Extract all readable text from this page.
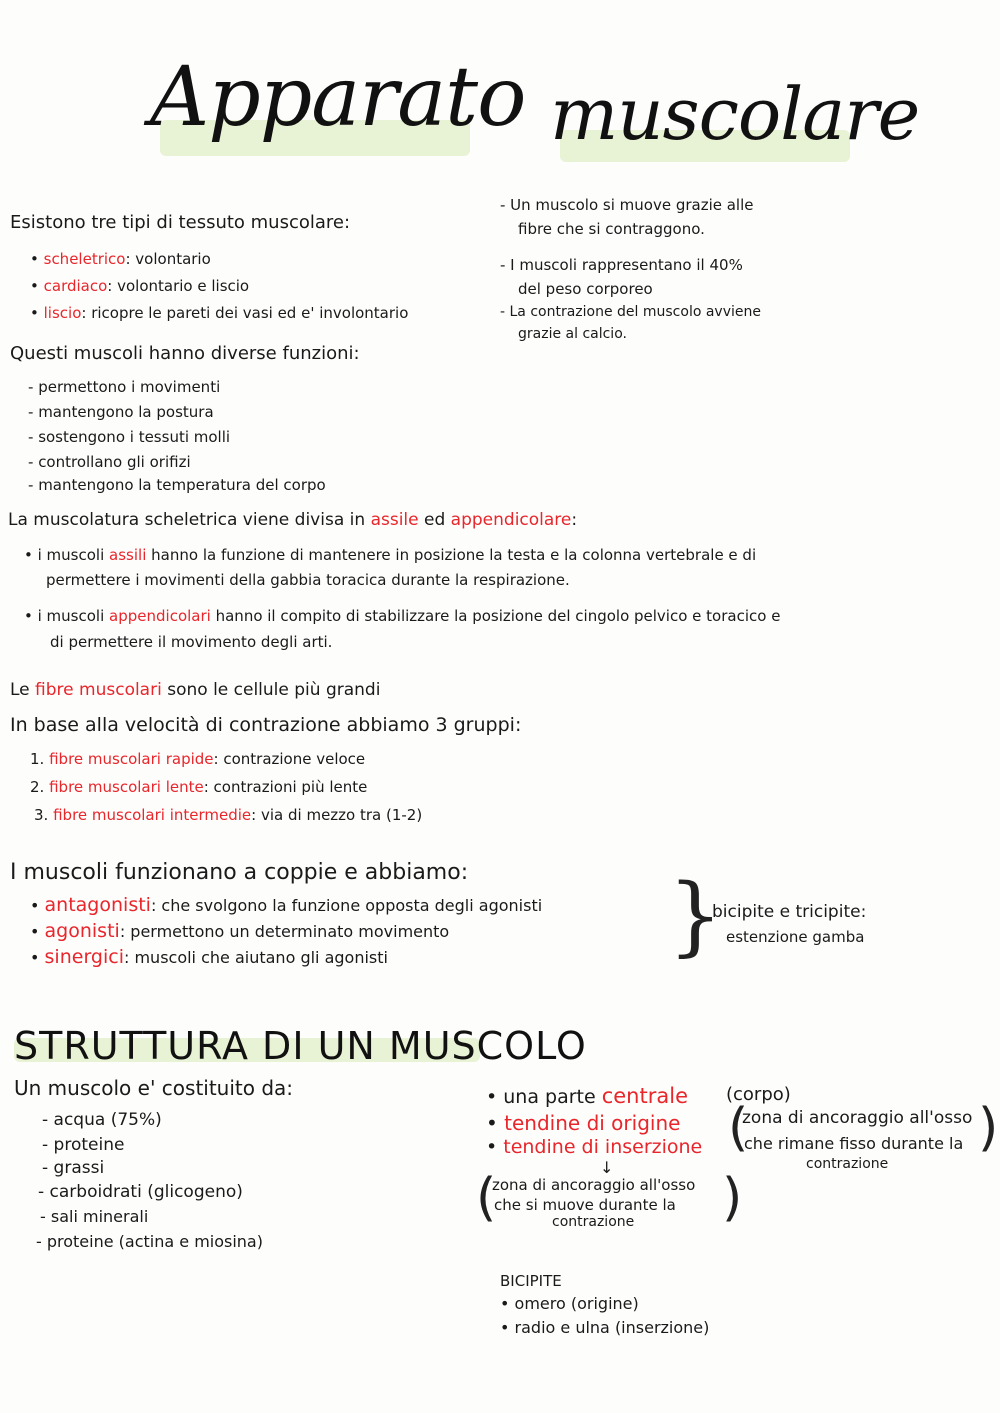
Apparato muscolare
Esistono tre tipi di tessuto muscolare:
• scheletrico: volontario
• cardiaco: volontario e liscio
• liscio: ricopre le pareti dei vasi ed e' involontario
- Un muscolo si muove grazie alle
fibre che si contraggono.
- I muscoli rappresentano il 40%
del peso corporeo
- La contrazione del muscolo avviene
grazie al calcio.
Questi muscoli hanno diverse funzioni:
- permettono i movimenti
- mantengono la postura
- sostengono i tessuti molli
- controllano gli orifizi
- mantengono la temperatura del corpo
La muscolatura scheletrica viene divisa in assile ed appendicolare:
• i muscoli assili hanno la funzione di mantenere in posizione la testa e la colonna vertebrale e di
permettere i movimenti della gabbia toracica durante la respirazione.
• i muscoli appendicolari hanno il compito di stabilizzare la posizione del cingolo pelvico e toracico e
di permettere il movimento degli arti.
Le fibre muscolari sono le cellule più grandi
In base alla velocità di contrazione abbiamo 3 gruppi:
1. fibre muscolari rapide: contrazione veloce
2. fibre muscolari lente: contrazioni più lente
3. fibre muscolari intermedie: via di mezzo tra (1-2)
I muscoli funzionano a coppie e abbiamo:
• antagonisti: che svolgono la funzione opposta degli agonisti
• agonisti: permettono un determinato movimento
• sinergici: muscoli che aiutano gli agonisti	}
bicipite e tricipite:
estenzione gamba
STRUTTURA DI UN MUSCOLO
Un muscolo e' costituito da:
- acqua (75%)
- proteine
- grassi
- carboidrati (glicogeno)
- sali minerali
- proteine (actina e miosina)
• una parte centrale (corpo)
• tendine di origine
• tendine di inserzione (
zona di ancoraggio all'osso
che rimane fisso durante la
contrazione
)
↓
(
zona di ancoraggio all'osso
che si muove durante la
contrazione )
BICIPITE
• omero (origine)
• radio e ulna (inserzione)
